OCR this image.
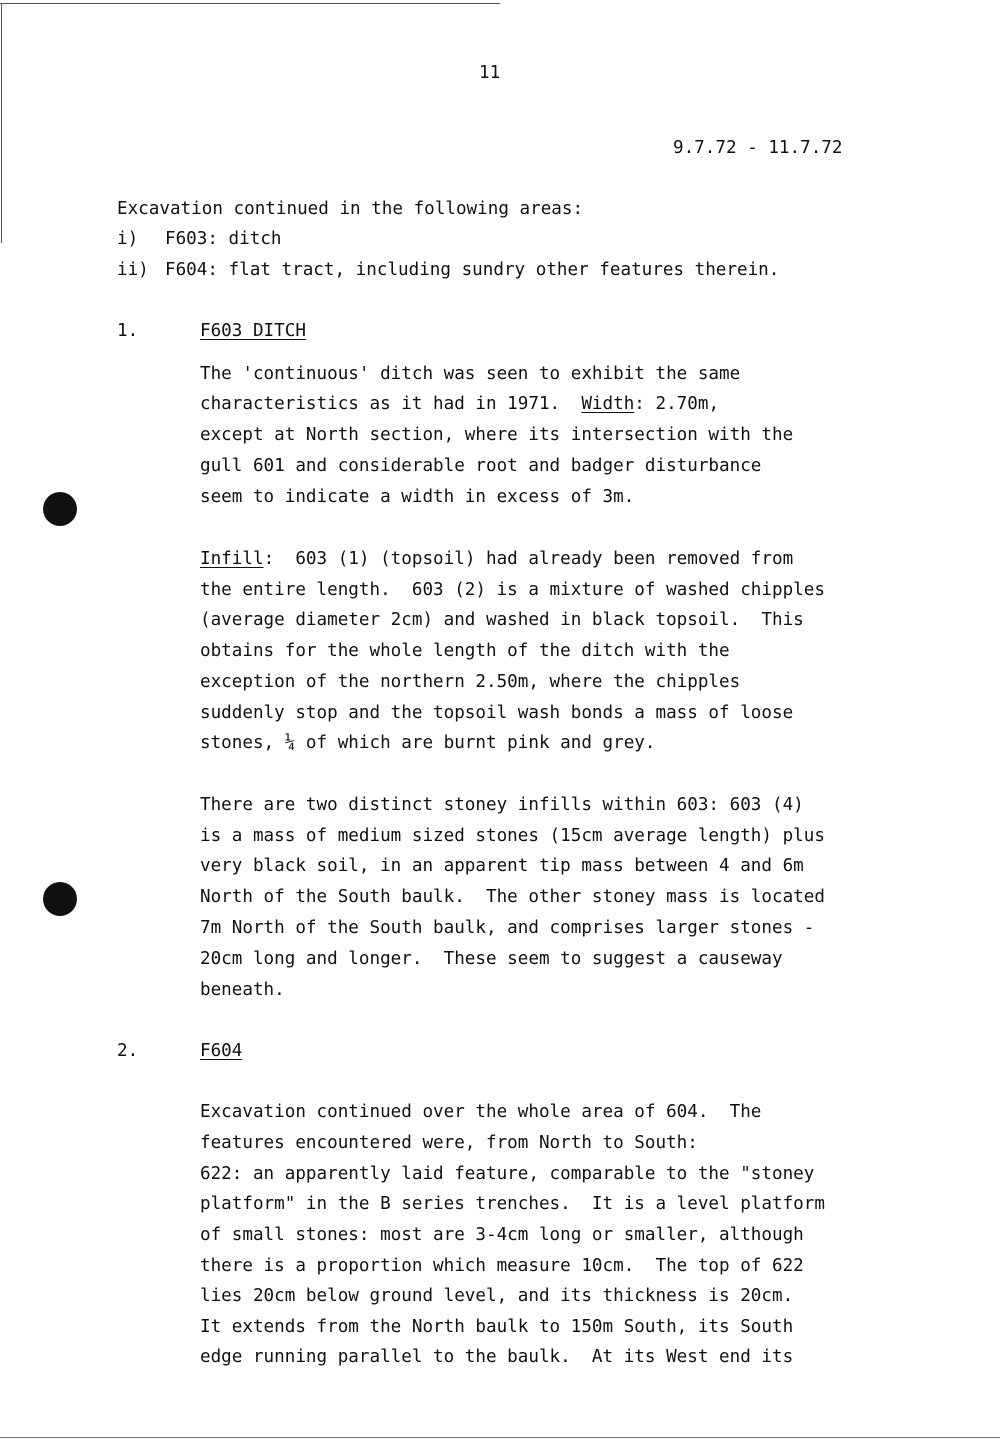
11
9.7.72 - 11.7.72
Excavation continued in the following areas:
i) F603: ditch
ii) F604: flat tract, including sundry other features therein.
1.	F603 DITCH
The 'continuous' ditch was seen to exhibit the same
characteristics as it had in 1971.  Width: 2.70m,
except at North section, where its intersection with the
gull 601 and considerable root and badger disturbance
seem to indicate a width in excess of 3m.
Infill:  603 (1) (topsoil) had already been removed from
the entire length.  603 (2) is a mixture of washed chipples
(average diameter 2cm) and washed in black topsoil.  This
obtains for the whole length of the ditch with the
exception of the northern 2.50m, where the chipples
suddenly stop and the topsoil wash bonds a mass of loose
stones, ¼ of which are burnt pink and grey.
There are two distinct stoney infills within 603: 603 (4)
is a mass of medium sized stones (15cm average length) plus
very black soil, in an apparent tip mass between 4 and 6m
North of the South baulk.  The other stoney mass is located
7m North of the South baulk, and comprises larger stones -
20cm long and longer.  These seem to suggest a causeway
beneath.
2.	F604
Excavation continued over the whole area of 604.  The
features encountered were, from North to South:
622: an apparently laid feature, comparable to the "stoney
platform" in the B series trenches.  It is a level platform
of small stones: most are 3-4cm long or smaller, although
there is a proportion which measure 10cm.  The top of 622
lies 20cm below ground level, and its thickness is 20cm.
It extends from the North baulk to 150m South, its South
edge running parallel to the baulk.  At its West end its
